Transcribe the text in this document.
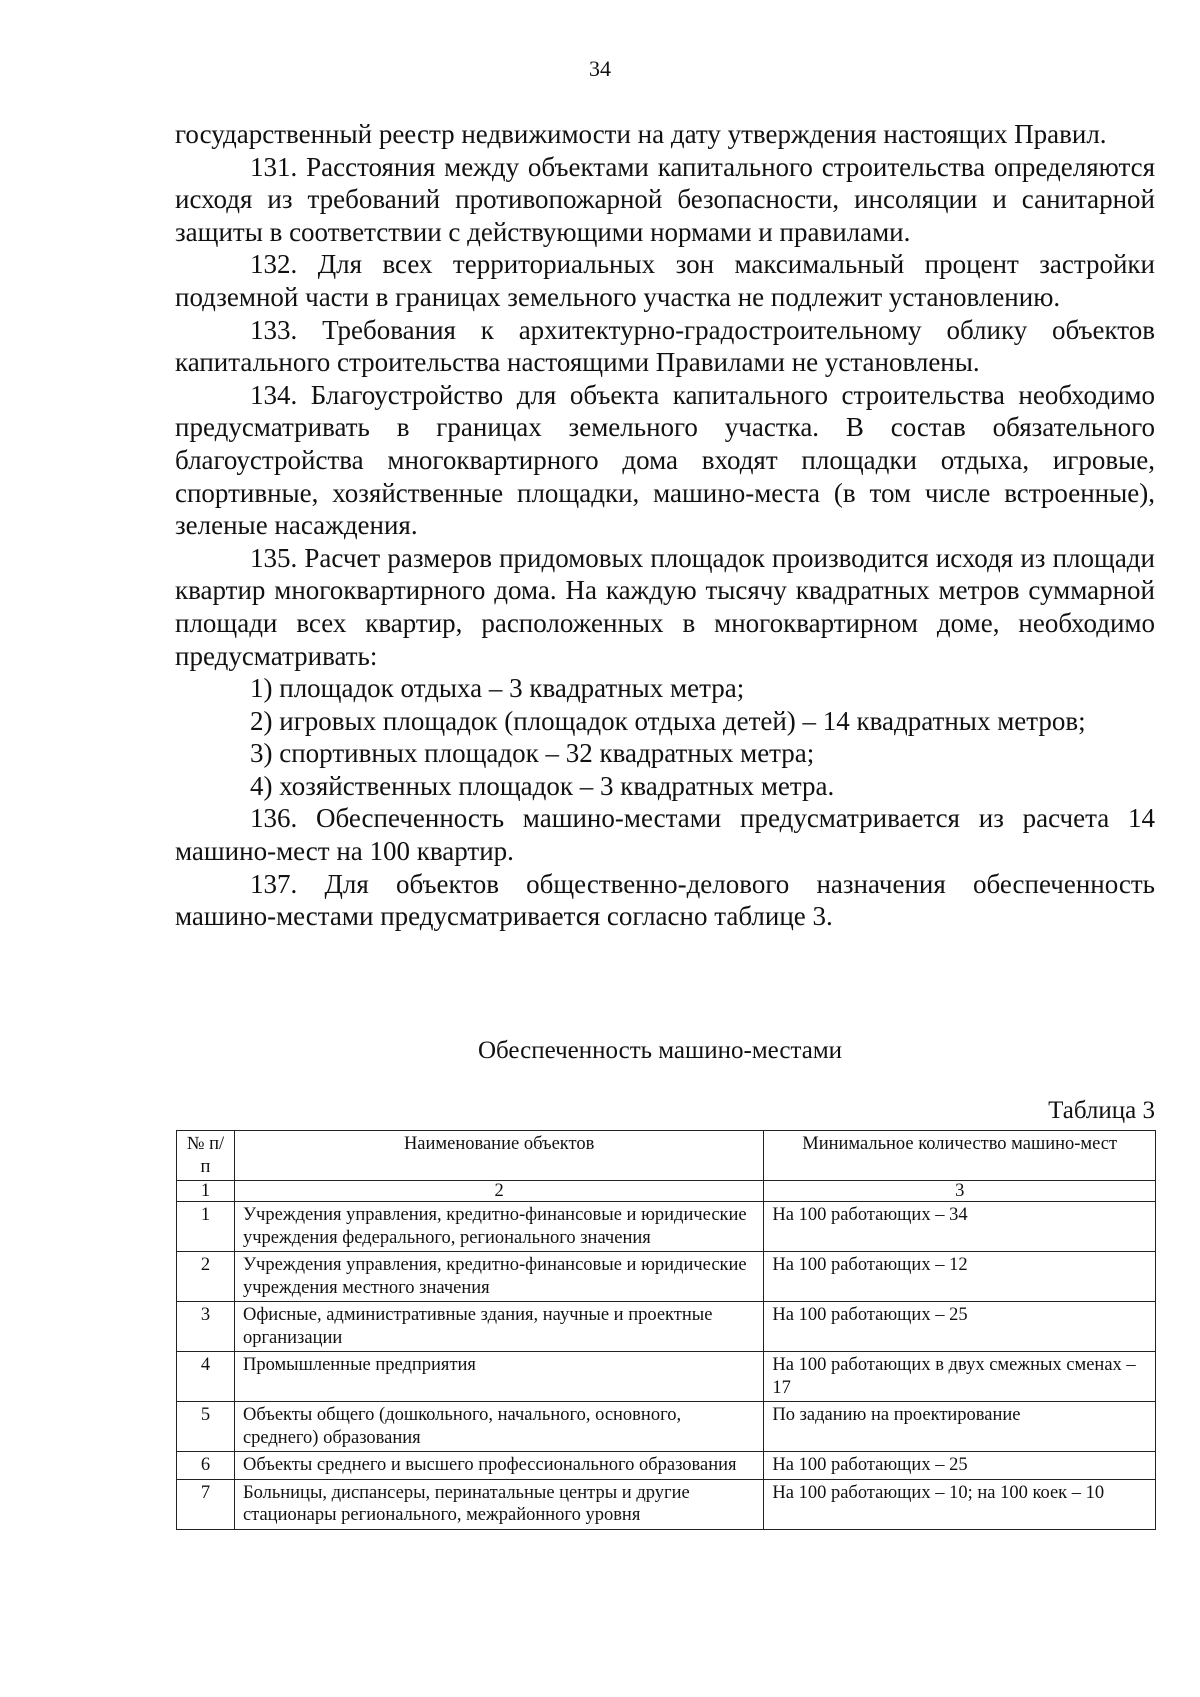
34

государственный реестр недвижимости на дату утверждения настоящих Правил.

131. Расстояния между объектами капитального строительства определяются исходя из требований противопожарной безопасности, инсоляции и санитарной защиты в соответствии с действующими нормами и правилами.

132. Для всех территориальных зон максимальный процент застройки подземной части в границах земельного участка не подлежит установлению.

133. Требования к архитектурно-градостроительному облику объектов капитального строительства настоящими Правилами не установлены.

134. Благоустройство для объекта капитального строительства необходимо предусматривать в границах земельного участка. В состав обязательного благоустройства многоквартирного дома входят площадки отдыха, игровые, спортивные, хозяйственные площадки, машино-места (в том числе встроенные), зеленые насаждения.

135. Расчет размеров придомовых площадок производится исходя из площади квартир многоквартирного дома. На каждую тысячу квадратных метров суммарной площади всех квартир, расположенных в многоквартирном доме, необходимо предусматривать:

1) площадок отдыха – 3 квадратных метра;

2) игровых площадок (площадок отдыха детей) – 14 квадратных метров;

3) спортивных площадок – 32 квадратных метра;

4) хозяйственных площадок – 3 квадратных метра.

136. Обеспеченность машино-местами предусматривается из расчета 14 машино-мест на 100 квартир.

137. Для объектов общественно-делового назначения обеспеченность машино-местами предусматривается согласно таблице 3.

Обеспеченность машино-местами
Таблица 3
№ п/п	Наименование объектов	Минимальное количество машино-мест
1	2	3
1	Учреждения управления, кредитно-финансовые и юридические учреждения федерального, регионального значения	На 100 работающих – 34
2	Учреждения управления, кредитно-финансовые и юридические учреждения местного значения	На 100 работающих – 12
3	Офисные, административные здания, научные и проектные организации	На 100 работающих – 25
4	Промышленные предприятия	На 100 работающих в двух смежных сменах – 17
5	Объекты общего (дошкольного, начального, основного, среднего) образования	По заданию на проектирование
6	Объекты среднего и высшего профессионального образования	На 100 работающих – 25
7	Больницы, диспансеры, перинатальные центры и другие стационары регионального, межрайонного уровня	На 100 работающих – 10; на 100 коек – 10
